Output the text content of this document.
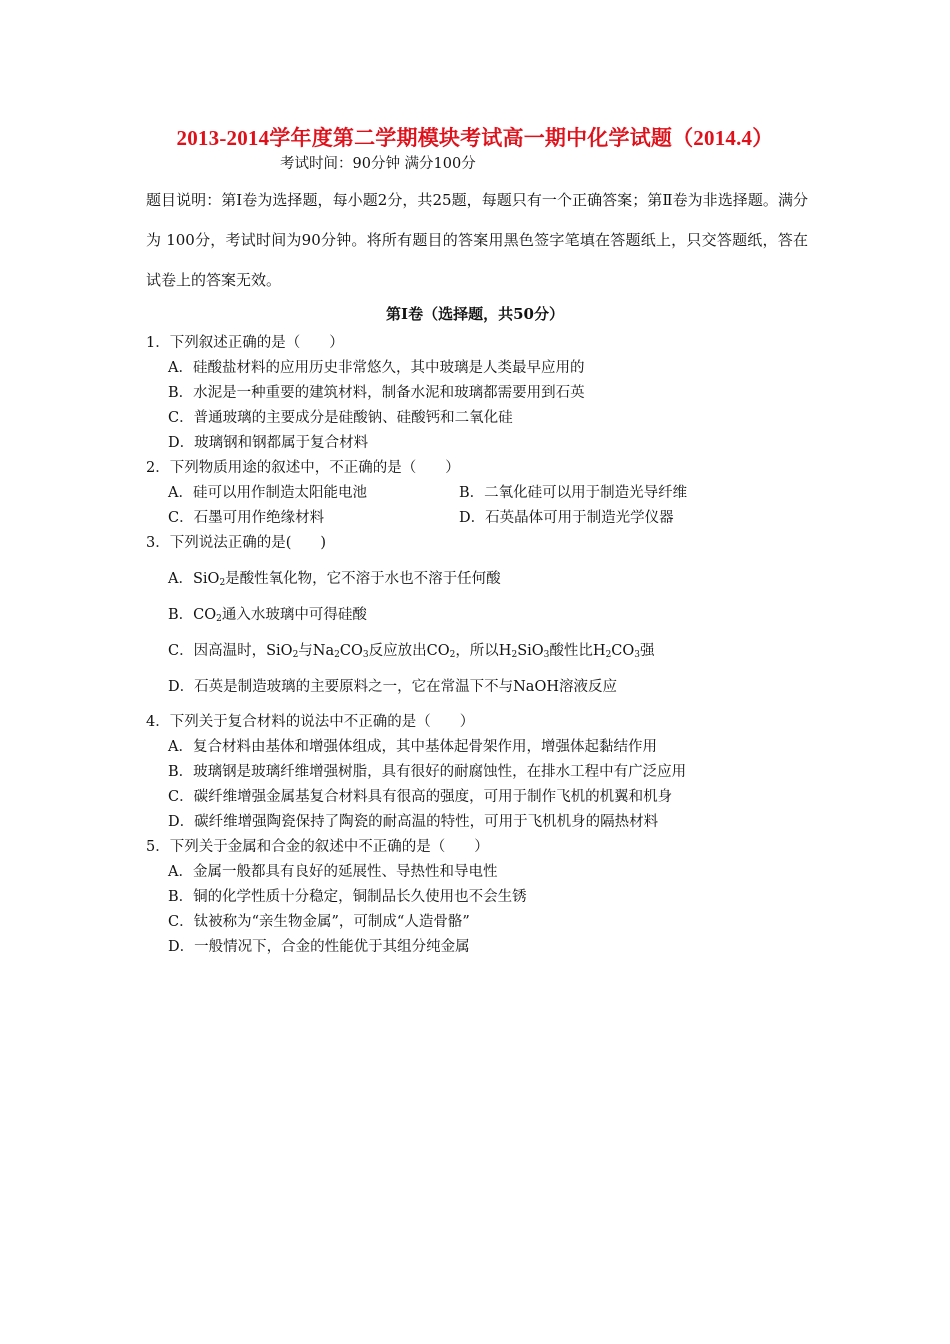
2013-2014学年度第二学期模块考试高一期中化学试题（2014.4）
考试时间：90分钟 满分100分
题目说明：第Ⅰ卷为选择题，每小题2分，共25题，每题只有一个正确答案；第Ⅱ卷为非选择题。满分为 100分，考试时间为90分钟。将所有题目的答案用黑色签字笔填在答题纸上，只交答题纸，答在试卷上的答案无效。
第Ⅰ卷（选择题，共50分）
1．下列叙述正确的是（　　）
A．硅酸盐材料的应用历史非常悠久，其中玻璃是人类最早应用的
B．水泥是一种重要的建筑材料，制备水泥和玻璃都需要用到石英
C．普通玻璃的主要成分是硅酸钠、硅酸钙和二氧化硅
D．玻璃钢和钢都属于复合材料
2．下列物质用途的叙述中，不正确的是（　　）
A．硅可以用作制造太阳能电池	B．二氧化硅可以用于制造光导纤维
C．石墨可用作绝缘材料	D．石英晶体可用于制造光学仪器
3．下列说法正确的是(　　)
A．SiO$_2$是酸性氧化物，它不溶于水也不溶于任何酸
B．$CO_2$通入水玻璃中可得硅酸
C．因高温时，SiO$_2$与$Na_2CO_3$反应放出$CO_2$，所以$H_2SiO_3$酸性比$H_2CO_3$强
D．石英是制造玻璃的主要原料之一，它在常温下不与NaOH溶液反应
4．下列关于复合材料的说法中不正确的是（　　）
A．复合材料由基体和增强体组成，其中基体起骨架作用，增强体起黏结作用
B．玻璃钢是玻璃纤维增强树脂，具有很好的耐腐蚀性，在排水工程中有广泛应用
C．碳纤维增强金属基复合材料具有很高的强度，可用于制作飞机的机翼和机身
D．碳纤维增强陶瓷保持了陶瓷的耐高温的特性，可用于飞机机身的隔热材料
5．下列关于金属和合金的叙述中不正确的是（　　）
A．金属一般都具有良好的延展性、导热性和导电性
B．铜的化学性质十分稳定，铜制品长久使用也不会生锈
C．钛被称为“亲生物金属”，可制成“人造骨骼”
D．一般情况下，合金的性能优于其组分纯金属
